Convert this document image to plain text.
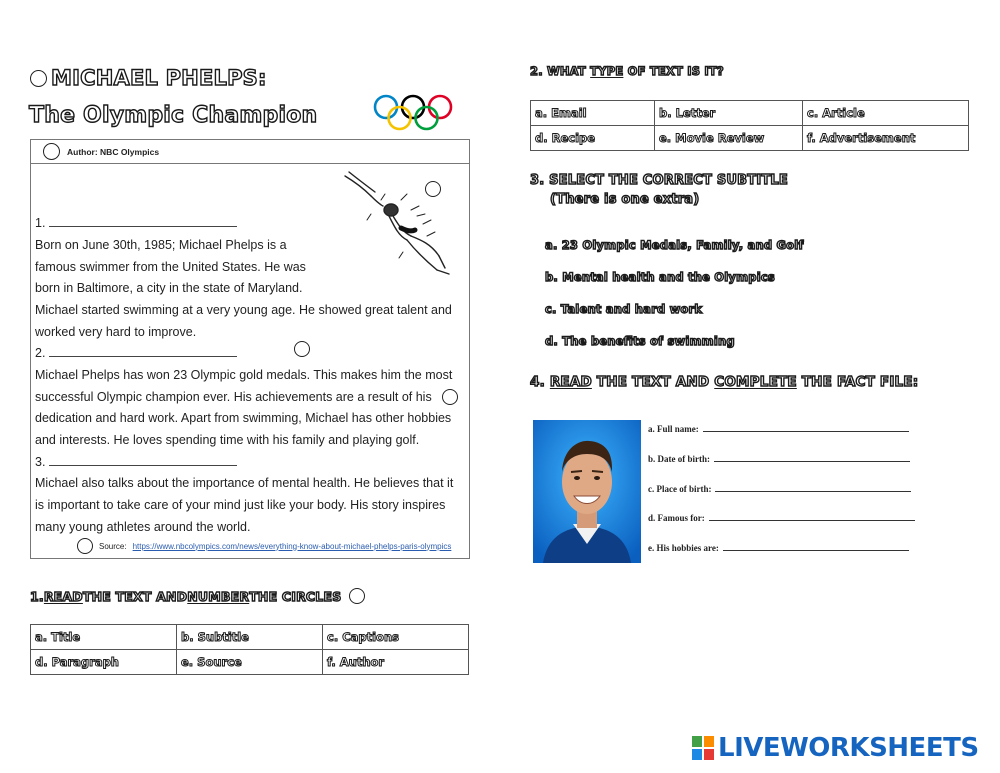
MICHAEL PHELPS:
The Olympic Champion
Author: NBC Olympics
1.
Born on June 30th, 1985; Michael Phelps is a
famous swimmer from the United States. He was
born in Baltimore, a city in the state of Maryland.
Michael started swimming at a very young age. He showed great talent and
worked very hard to improve.
2.
Michael Phelps has won 23 Olympic gold medals. This makes him the most
successful Olympic champion ever. His achievements are a result of his
dedication and hard work. Apart from swimming, Michael has other hobbies
and interests. He loves spending time with his family and playing golf.
3.
Michael also talks about the importance of mental health. He believes that it
is important to take care of your mind just like your body. His story inspires
many young athletes around the world.
Source: https://www.nbcolympics.com/news/everything-know-about-michael-phelps-paris-olympics
1. READ THE TEXT AND NUMBER THE CIRCLES
a. Title	b. Subtitle	c. Captions
d. Paragraph	e. Source	f. Author
2. WHAT TYPE OF TEXT IS IT?
a. Email	b. Letter	c. Article
d. Recipe	e. Movie Review	f. Advertisement
3. SELECT THE CORRECT SUBTITLE
(There is one extra)
a. 23 Olympic Medals, Family, and Golf
b. Mental health and the Olympics
c. Talent and hard work
d. The benefits of swimming
4. READ THE TEXT AND COMPLETE THE FACT FILE:
a. Full name:
b. Date of birth:
c. Place of birth:
d. Famous for:
e. His hobbies are:
LIVEWORKSHEETS
